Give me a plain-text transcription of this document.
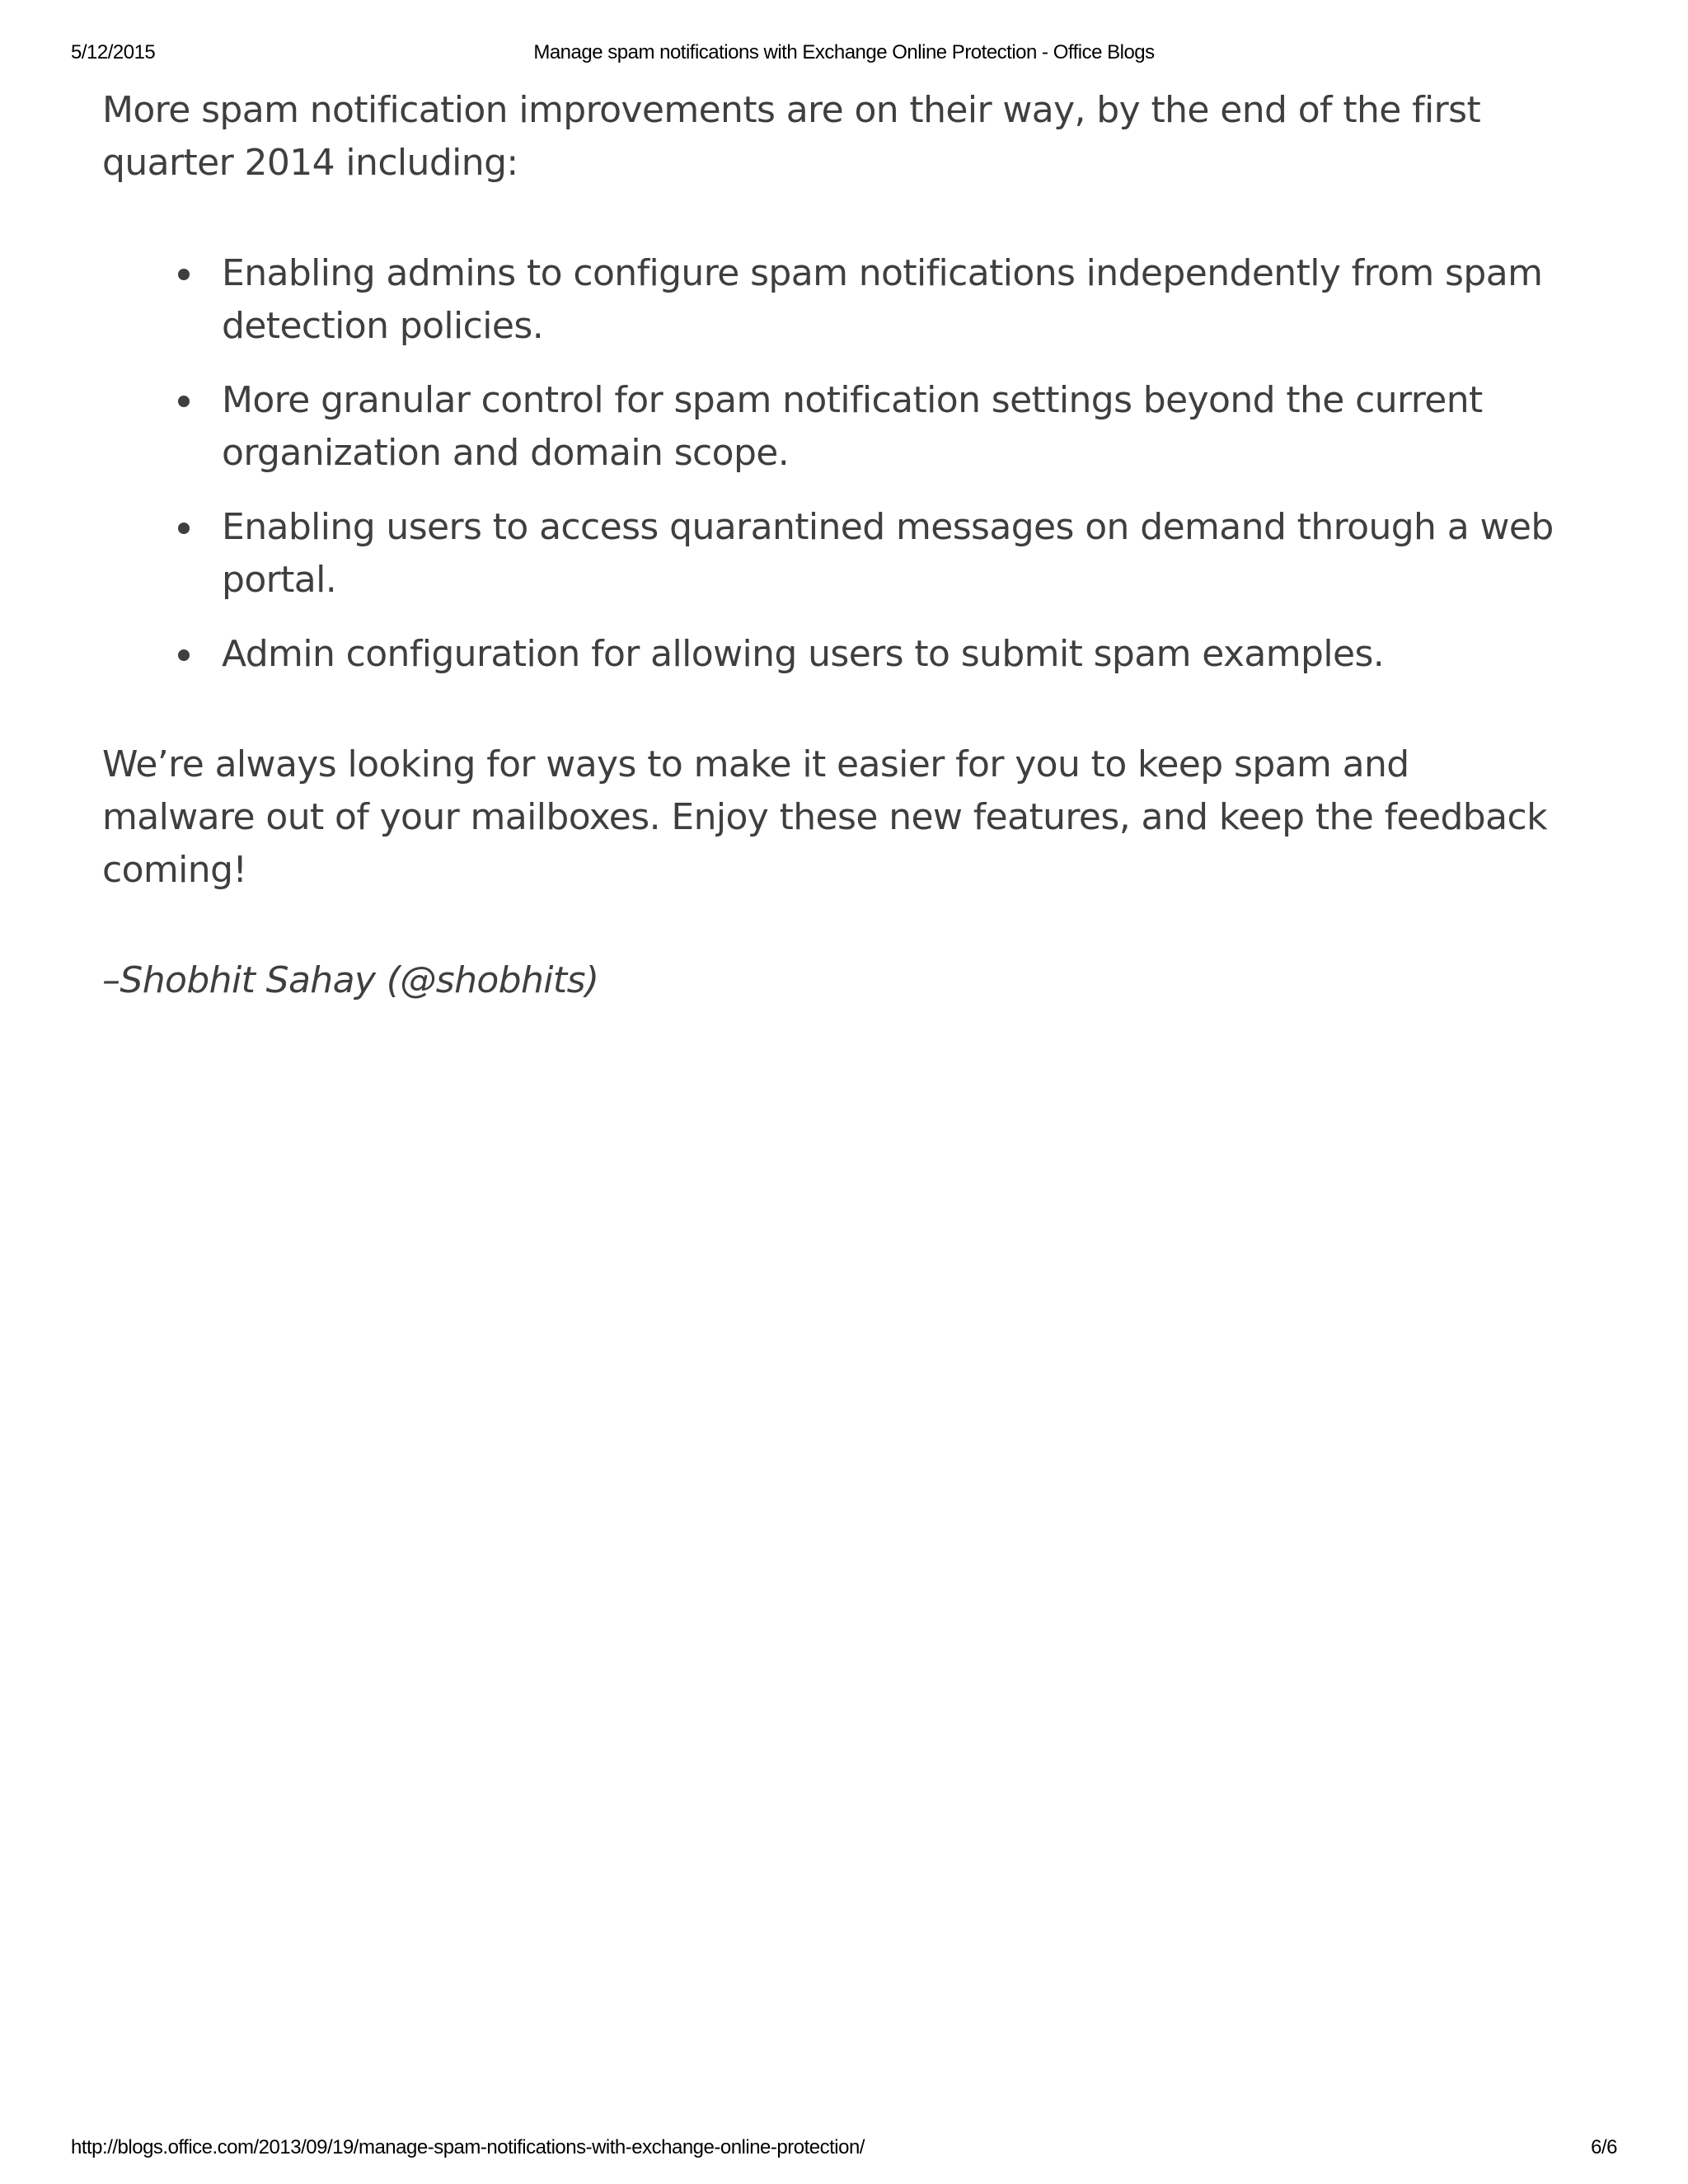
Manage spam notifications with Exchange Online Protection - Office Blogs
5/12/2015

More spam notification improvements are on their way, by the end of the first quarter 2014 including:

Enabling admins to configure spam notifications independently from spam detection policies.
More granular control for spam notification settings beyond the current organization and domain scope.
Enabling users to access quarantined messages on demand through a web portal.
Admin configuration for allowing users to submit spam examples.

We’re always looking for ways to make it easier for you to keep spam and malware out of your mailboxes. Enjoy these new features, and keep the feedback coming!

–Shobhit Sahay (@shobhits)

http://blogs.office.com/2013/09/19/manage-spam-notifications-with-exchange-online-protection/	6/6
